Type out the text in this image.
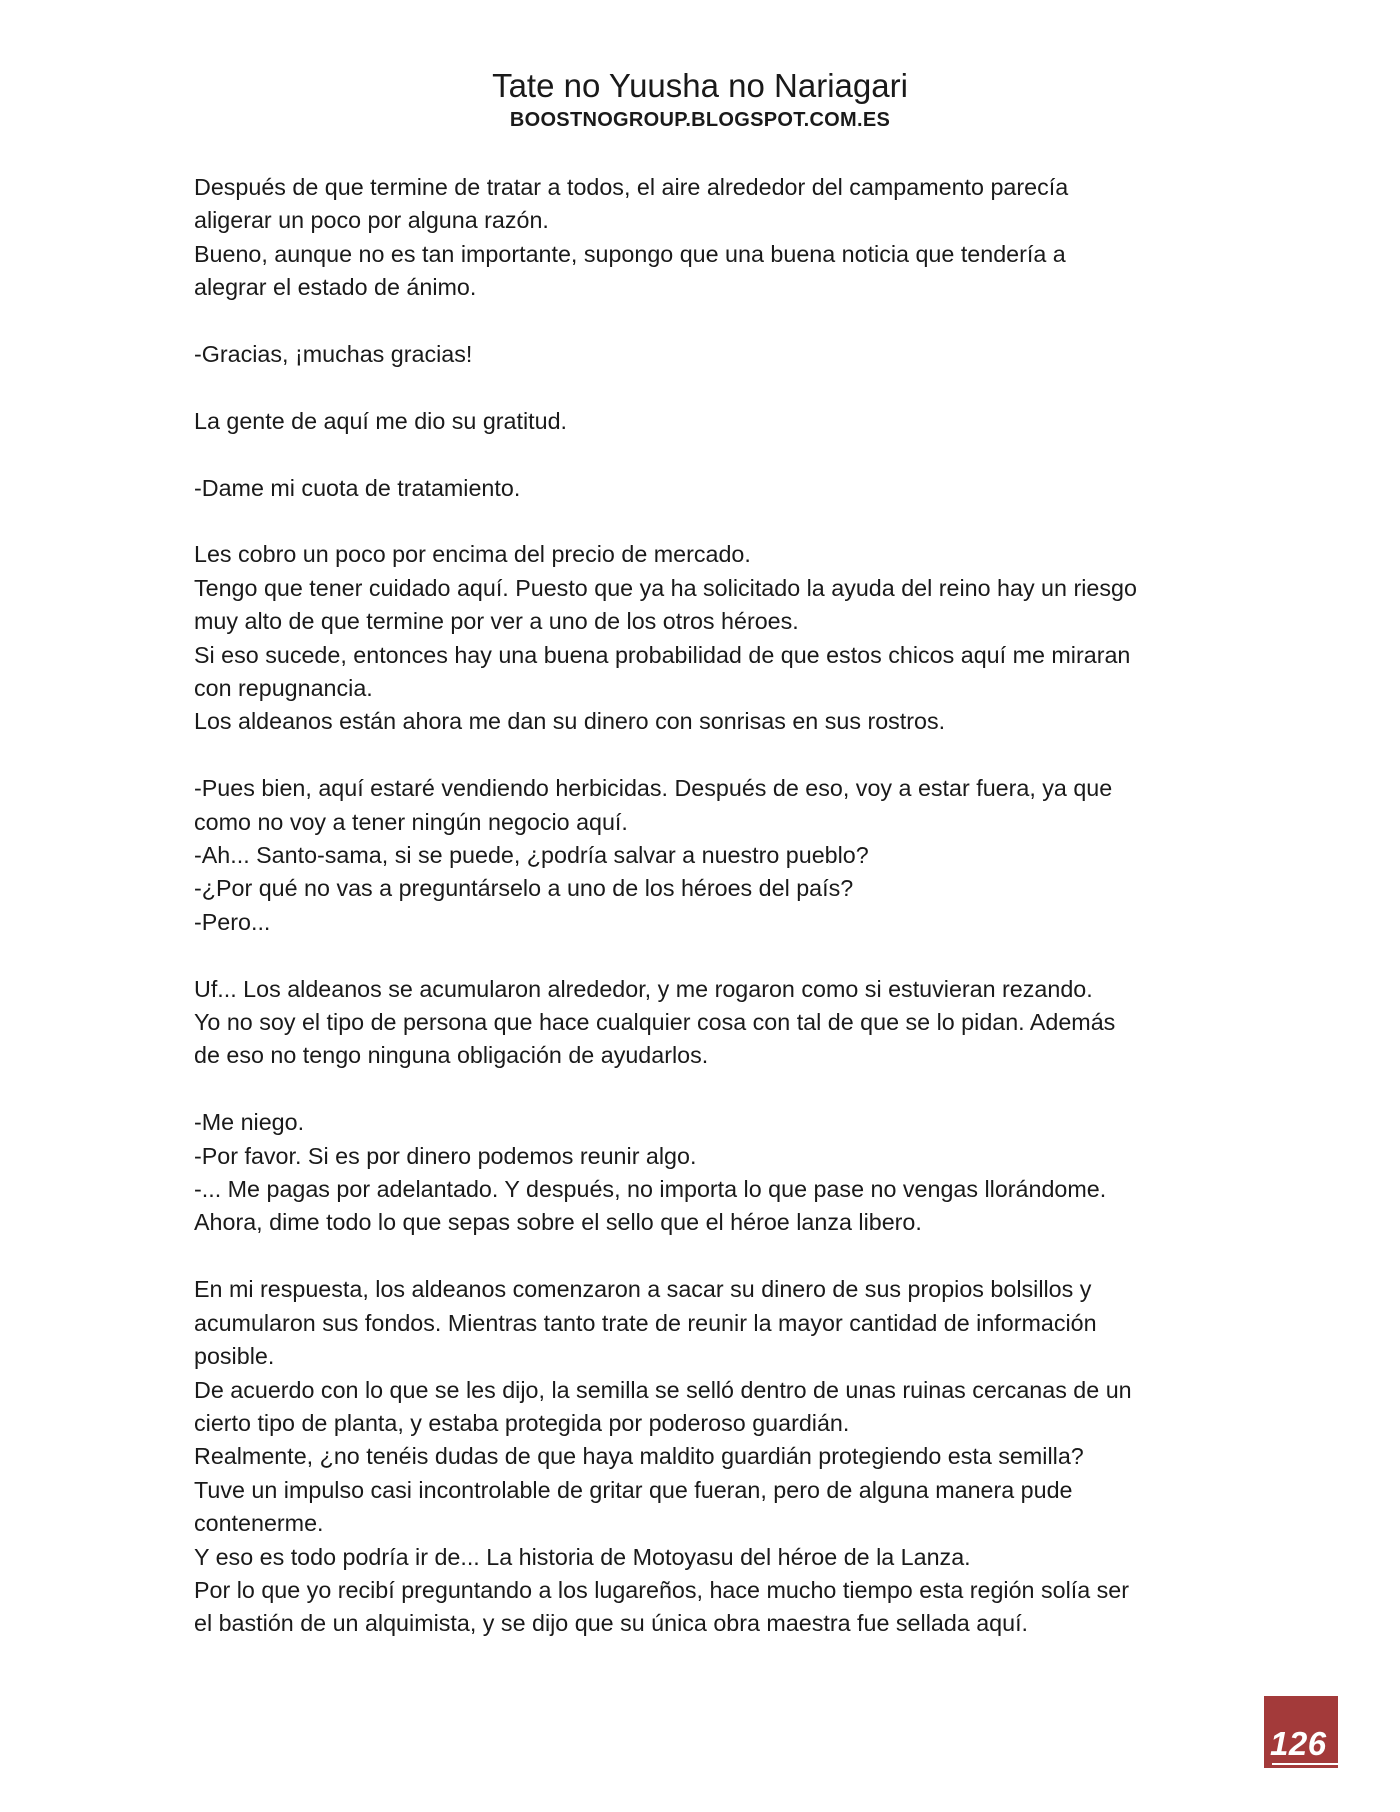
Tate no Yuusha no Nariagari
BOOSTNOGROUP.BLOGSPOT.COM.ES
Después de que termine de tratar a todos, el aire alrededor del campamento parecía
aligerar un poco por alguna razón.
Bueno, aunque no es tan importante, supongo que una buena noticia que tendería a
alegrar el estado de ánimo.
-Gracias, ¡muchas gracias!
La gente de aquí me dio su gratitud.
-Dame mi cuota de tratamiento.
Les cobro un poco por encima del precio de mercado.
Tengo que tener cuidado aquí. Puesto que ya ha solicitado la ayuda del reino hay un riesgo
muy alto de que termine por ver a uno de los otros héroes.
Si eso sucede, entonces hay una buena probabilidad de que estos chicos aquí me miraran
con repugnancia.
Los aldeanos están ahora me dan su dinero con sonrisas en sus rostros.
-Pues bien, aquí estaré vendiendo herbicidas. Después de eso, voy a estar fuera, ya que
como no voy a tener ningún negocio aquí.
-Ah... Santo-sama, si se puede, ¿podría salvar a nuestro pueblo?
-¿Por qué no vas a preguntárselo a uno de los héroes del país?
-Pero...
Uf... Los aldeanos se acumularon alrededor, y me rogaron como si estuvieran rezando.
Yo no soy el tipo de persona que hace cualquier cosa con tal de que se lo pidan. Además
de eso no tengo ninguna obligación de ayudarlos.
-Me niego.
-Por favor. Si es por dinero podemos reunir algo.
-... Me pagas por adelantado. Y después, no importa lo que pase no vengas llorándome.
Ahora, dime todo lo que sepas sobre el sello que el héroe lanza libero.
En mi respuesta, los aldeanos comenzaron a sacar su dinero de sus propios bolsillos y
acumularon sus fondos. Mientras tanto trate de reunir la mayor cantidad de información
posible.
De acuerdo con lo que se les dijo, la semilla se selló dentro de unas ruinas cercanas de un
cierto tipo de planta, y estaba protegida por poderoso guardián.
Realmente, ¿no tenéis dudas de que haya maldito guardián protegiendo esta semilla?
Tuve un impulso casi incontrolable de gritar que fueran, pero de alguna manera pude
contenerme.
Y eso es todo podría ir de... La historia de Motoyasu del héroe de la Lanza.
Por lo que yo recibí preguntando a los lugareños, hace mucho tiempo esta región solía ser
el bastión de un alquimista, y se dijo que su única obra maestra fue sellada aquí.
126
